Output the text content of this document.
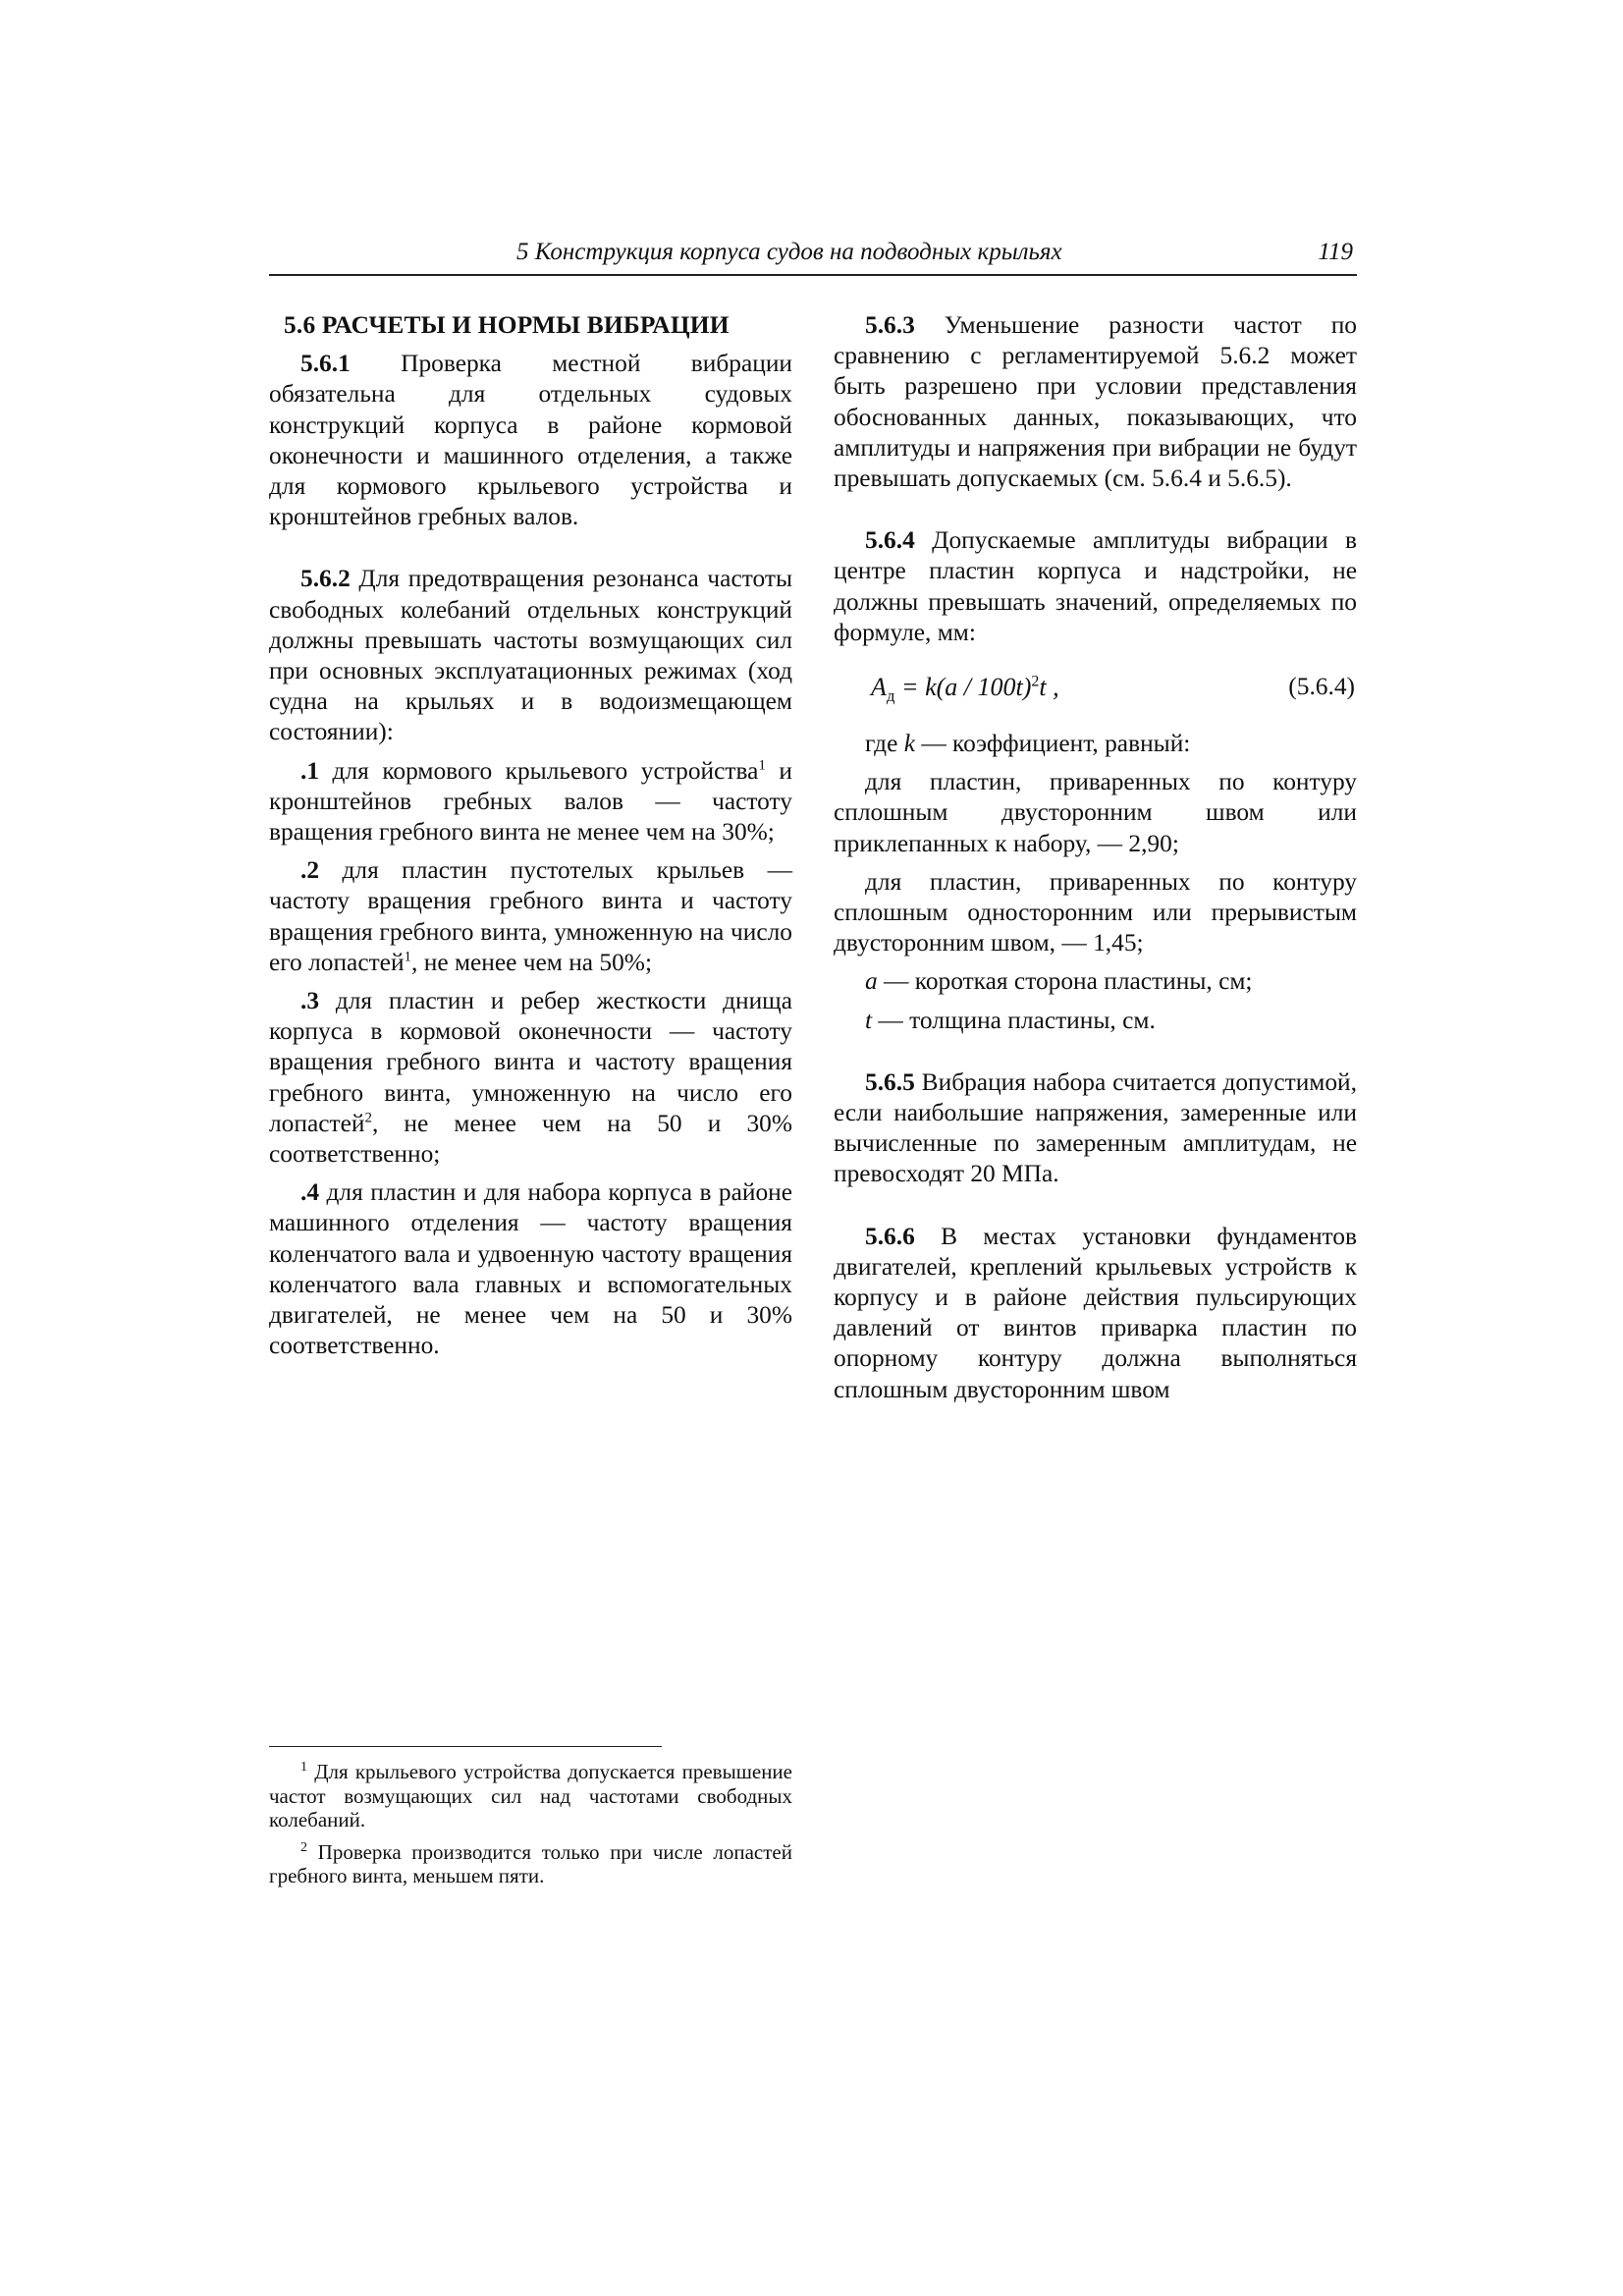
5 Конструкция корпуса судов на подводных крыльях	119
5.6 РАСЧЕТЫ И НОРМЫ ВИБРАЦИИ

5.6.1 Проверка местной вибрации обязательна для отдельных судовых конструкций корпуса в районе кормовой оконечности и машинного отделения, а также для кормового крыльевого устройства и кронштейнов гребных валов.

5.6.2 Для предотвращения резонанса частоты свободных колебаний отдельных конструкций должны превышать частоты возмущающих сил при основных эксплуатационных режимах (ход судна на крыльях и в водоизмещающем состоянии):

.1 для кормового крыльевого устройства$^1$ и кронштейнов гребных валов — частоту вращения гребного винта не менее чем на 30%;

.2 для пластин пустотелых крыльев — частоту вращения гребного винта и частоту вращения гребного винта, умноженную на число его лопастей$^1$, не менее чем на 50%;

.3 для пластин и ребер жесткости днища корпуса в кормовой оконечности — частоту вращения гребного винта и частоту вращения гребного винта, умноженную на число его лопастей$^2$, не менее чем на 50 и 30% соответственно;

.4 для пластин и для набора корпуса в районе машинного отделения — частоту вращения коленчатого вала и удвоенную частоту вращения коленчатого вала главных и вспомогательных двигателей, не менее чем на 50 и 30% соответственно.

5.6.3 Уменьшение разности частот по сравнению с регламентируемой 5.6.2 может быть разрешено при условии представления обоснованных данных, показывающих, что амплитуды и напряжения при вибрации не будут превышать допускаемых (см. 5.6.4 и 5.6.5).

5.6.4 Допускаемые амплитуды вибрации в центре пластин корпуса и надстройки, не должны превышать значений, определяемых по формуле, мм:

$A_д = k(a / 100t)^2t$ ,	(5.6.4)

где k — коэффициент, равный:

для пластин, приваренных по контуру сплошным двусторонним швом или приклепанных к набору, — 2,90;

для пластин, приваренных по контуру сплошным односторонним или прерывистым двусторонним швом, — 1,45;

a — короткая сторона пластины, см;

t — толщина пластины, см.

5.6.5 Вибрация набора считается допустимой, если наибольшие напряжения, замеренные или вычисленные по замеренным амплитудам, не превосходят 20 МПа.

5.6.6 В местах установки фундаментов двигателей, креплений крыльевых устройств к корпусу и в районе действия пульсирующих давлений от винтов приварка пластин по опорному контуру должна выполняться сплошным двусторонним швом

$^1$ Для крыльевого устройства допускается превышение частот возмущающих сил над частотами свободных колебаний.

$^2$ Проверка производится только при числе лопастей гребного винта, меньшем пяти.
